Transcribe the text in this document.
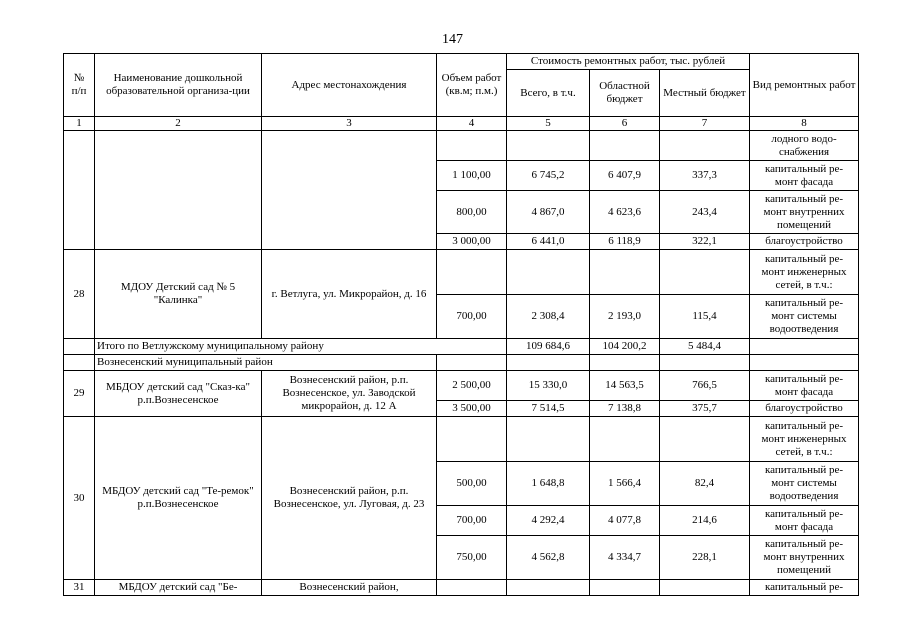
147
№
п/п	Наименование дошкольной образовательной организа-ции	Адрес местонахождения	Объем работ (кв.м; п.м.)	Стоимость ремонтных работ, тыс. рублей			Вид ремонтных работ
				Всего, в т.ч.	Областной бюджет	Местный бюджет	
1	2	3	4	5	6	7	8
							лодного водо-
снабжения
			1 100,00	6 745,2	6 407,9	337,3	капитальный ре-
монт фасада
			800,00	4 867,0	4 623,6	243,4	капитальный ре-
монт внутренних
помещений
			3 000,00	6 441,0	6 118,9	322,1	благоустройство
28	МДОУ Детский сад № 5 "Калинка"	г. Ветлуга, ул. Микрорайон, д. 16					капитальный ре-
монт инженерных
сетей, в т.ч.:
			700,00	2 308,4	2 193,0	115,4	капитальный ре-
монт системы
водоотведения
	Итого по Ветлужскому муниципальному району			109 684,6	104 200,2	5 484,4	
	Вознесенский муниципальный район						
29	МБДОУ детский сад "Сказ-ка" р.п.Вознесенское	Вознесенский район, р.п. Вознесенское, ул. Заводской микрорайон, д. 12 А	2 500,00	15 330,0	14 563,5	766,5	капитальный ре-
монт фасада
			3 500,00	7 514,5	7 138,8	375,7	благоустройство
30	МБДОУ детский сад "Те-ремок" р.п.Вознесенское	Вознесенский район, р.п. Вознесенское, ул. Луговая, д. 23					капитальный ре-
монт инженерных
сетей, в т.ч.:
			500,00	1 648,8	1 566,4	82,4	капитальный ре-
монт системы
водоотведения
			700,00	4 292,4	4 077,8	214,6	капитальный ре-
монт фасада
			750,00	4 562,8	4 334,7	228,1	капитальный ре-
монт внутренних
помещений
31	МБДОУ детский сад "Бе-	Вознесенский район,					капитальный ре-
